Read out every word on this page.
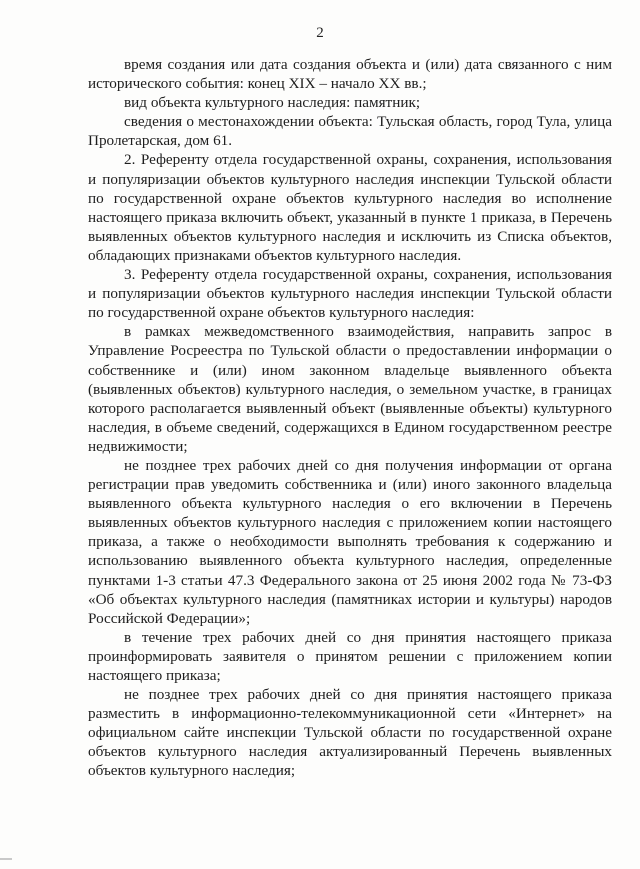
2

время создания или дата создания объекта и (или) дата связанного с ним исторического события: конец XIX – начало XX вв.;

вид объекта культурного наследия: памятник;

сведения о местонахождении объекта: Тульская область, город Тула, улица Пролетарская, дом 61.

2. Референту отдела государственной охраны, сохранения, использования и популяризации объектов культурного наследия инспекции Тульской области по государственной охране объектов культурного наследия во исполнение настоящего приказа включить объект, указанный в пункте 1 приказа, в Перечень выявленных объектов культурного наследия и исключить из Списка объектов, обладающих признаками объектов культурного наследия.

3. Референту отдела государственной охраны, сохранения, использования и популяризации объектов культурного наследия инспекции Тульской области по государственной охране объектов культурного наследия:

в рамках межведомственного взаимодействия, направить запрос в Управление Росреестра по Тульской области о предоставлении информации о собственнике и (или) ином законном владельце выявленного объекта (выявленных объектов) культурного наследия, о земельном участке, в границах которого располагается выявленный объект (выявленные объекты) культурного наследия, в объеме сведений, содержащихся в Едином государственном реестре недвижимости;

не позднее трех рабочих дней со дня получения информации от органа регистрации прав уведомить собственника и (или) иного законного владельца выявленного объекта культурного наследия о его включении в Перечень выявленных объектов культурного наследия с приложением копии настоящего приказа, а также о необходимости выполнять требования к содержанию и использованию выявленного объекта культурного наследия, определенные пунктами 1-3 статьи 47.3 Федерального закона от 25 июня 2002 года № 73-ФЗ «Об объектах культурного наследия (памятниках истории и культуры) народов Российской Федерации»;

в течение трех рабочих дней со дня принятия настоящего приказа проинформировать заявителя о принятом решении с приложением копии настоящего приказа;

не позднее трех рабочих дней со дня принятия настоящего приказа разместить в информационно-телекоммуникационной сети «Интернет» на официальном сайте инспекции Тульской области по государственной охране объектов культурного наследия актуализированный Перечень выявленных объектов культурного наследия;
